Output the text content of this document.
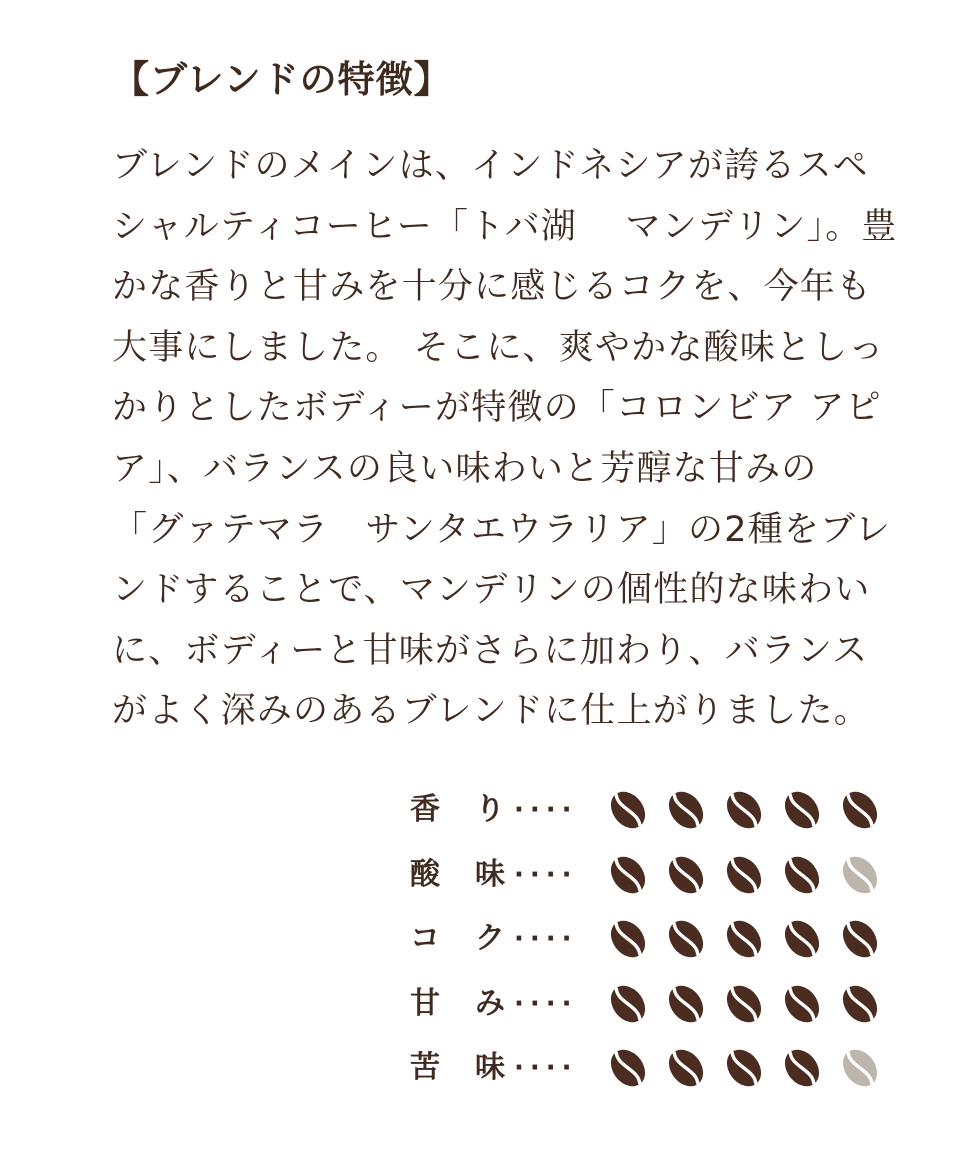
【ブレンドの特徴】
ブレンドのメインは、インドネシアが誇るスペ
シャルティコーヒー「トバ湖　 マンデリン」。豊
かな香りと甘みを十分に感じるコクを、今年も
大事にしました。 そこに、爽やかな酸味としっ
かりとしたボディーが特徴の「コロンビア アピ
ア」、バランスの良い味わいと芳醇な甘みの
「グァテマラ　サンタエウラリア」の2種をブレ
ンドすることで、マンデリンの個性的な味わい
に、ボディーと甘味がさらに加わり、バランス
がよく深みのあるブレンドに仕上がりました。
香 り ····
酸 味 ····
コ ク ····
甘 み ····
苦 味 ····
